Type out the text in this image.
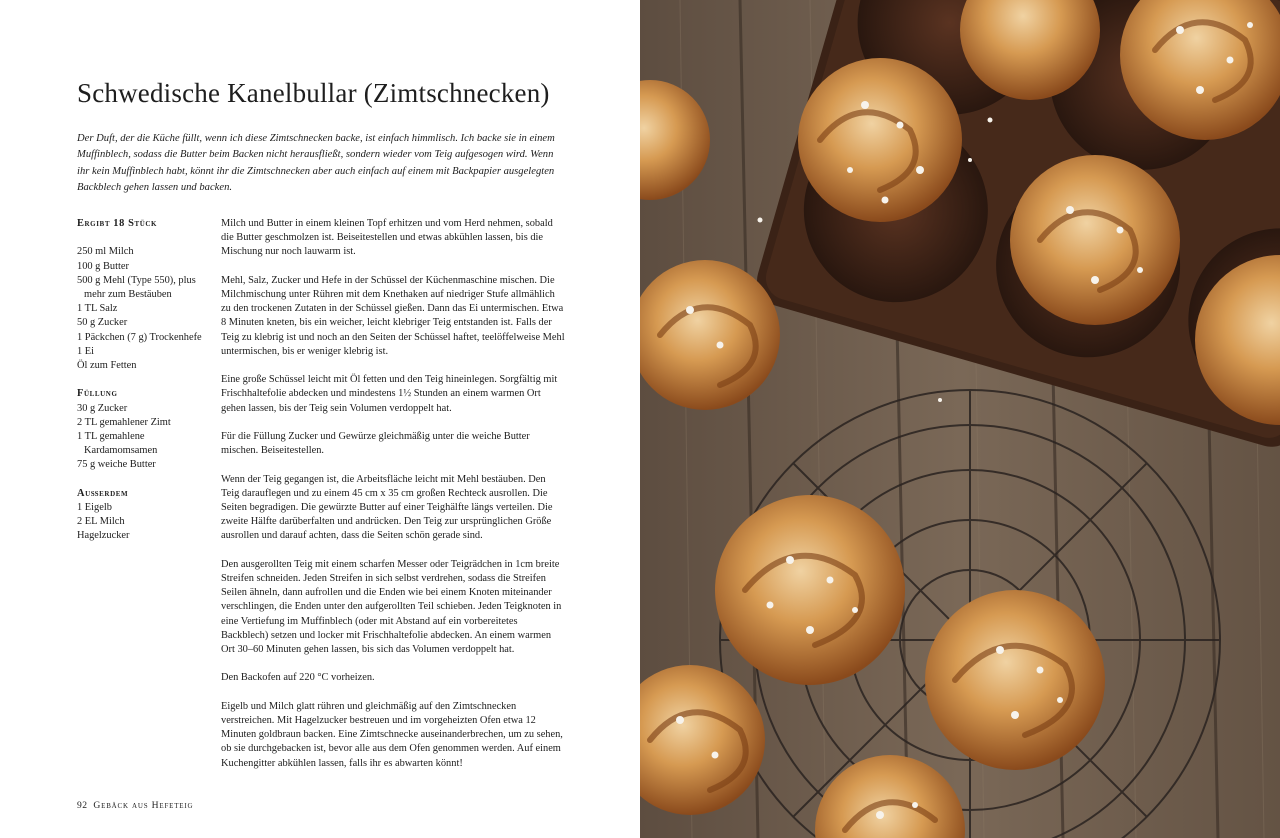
Schwedische Kanelbullar (Zimtschnecken)

Der Duft, der die Küche füllt, wenn ich diese Zimtschnecken backe, ist einfach himmlisch. Ich backe sie in einem Muffinblech, sodass die Butter beim Backen nicht herausfließt, sondern wieder vom Teig aufgesogen wird. Wenn ihr kein Muffinblech habt, könnt ihr die Zimtschnecken aber auch einfach auf einem mit Backpapier ausgelegten Backblech gehen lassen und backen.

Ergibt 18 Stück
250 ml Milch
100 g Butter
500 g Mehl (Type 550), plus mehr zum Bestäuben
1 TL Salz
50 g Zucker
1 Päckchen (7 g) Trockenhefe
1 Ei
Öl zum Fetten
Füllung
30 g Zucker
2 TL gemahlener Zimt
1 TL gemahlene Kardamomsamen
75 g weiche Butter
Außerdem
1 Eigelb
2 EL Milch
Hagelzucker

Milch und Butter in einem kleinen Topf erhitzen und vom Herd nehmen, sobald die Butter geschmolzen ist. Beiseitestellen und etwas abkühlen lassen, bis die Mischung nur noch lauwarm ist.

Mehl, Salz, Zucker und Hefe in der Schüssel der Küchenmaschine mischen. Die Milchmischung unter Rühren mit dem Knethaken auf niedriger Stufe allmählich zu den trockenen Zutaten in der Schüssel gießen. Dann das Ei untermischen. Etwa 8 Minuten kneten, bis ein weicher, leicht klebriger Teig entstanden ist. Falls der Teig zu klebrig ist und noch an den Seiten der Schüssel haftet, teelöffelweise Mehl untermischen, bis er weniger klebrig ist.

Eine große Schüssel leicht mit Öl fetten und den Teig hineinlegen. Sorgfältig mit Frischhaltefolie abdecken und mindestens 1½ Stunden an einem warmen Ort gehen lassen, bis der Teig sein Volumen verdoppelt hat.

Für die Füllung Zucker und Gewürze gleichmäßig unter die weiche Butter mischen. Beiseitestellen.

Wenn der Teig gegangen ist, die Arbeitsfläche leicht mit Mehl bestäuben. Den Teig darauflegen und zu einem 45 cm x 35 cm großen Rechteck ausrollen. Die Seiten begradigen. Die gewürzte Butter auf einer Teighälfte längs verteilen. Die zweite Hälfte darüberfalten und andrücken. Den Teig zur ursprünglichen Größe ausrollen und darauf achten, dass die Seiten schön gerade sind.

Den ausgerollten Teig mit einem scharfen Messer oder Teigrädchen in 1cm breite Streifen schneiden. Jeden Streifen in sich selbst verdrehen, sodass die Streifen Seilen ähneln, dann aufrollen und die Enden wie bei einem Knoten miteinander verschlingen, die Enden unter den aufgerollten Teil schieben. Jeden Teigknoten in eine Vertiefung im Muffinblech (oder mit Abstand auf ein vorbereitetes Backblech) setzen und locker mit Frischhaltefolie abdecken. An einem warmen Ort 30–60 Minuten gehen lassen, bis sich das Volumen verdoppelt hat.

Den Backofen auf 220 °C vorheizen.

Eigelb und Milch glatt rühren und gleichmäßig auf den Zimtschnecken verstreichen. Mit Hagelzucker bestreuen und im vorgeheizten Ofen etwa 12 Minuten goldbraun backen. Eine Zimtschnecke auseinanderbrechen, um zu sehen, ob sie durchgebacken ist, bevor alle aus dem Ofen genommen werden. Auf einem Kuchengitter abkühlen lassen, falls ihr es abwarten könnt!

92 Gebäck aus Hefeteig
